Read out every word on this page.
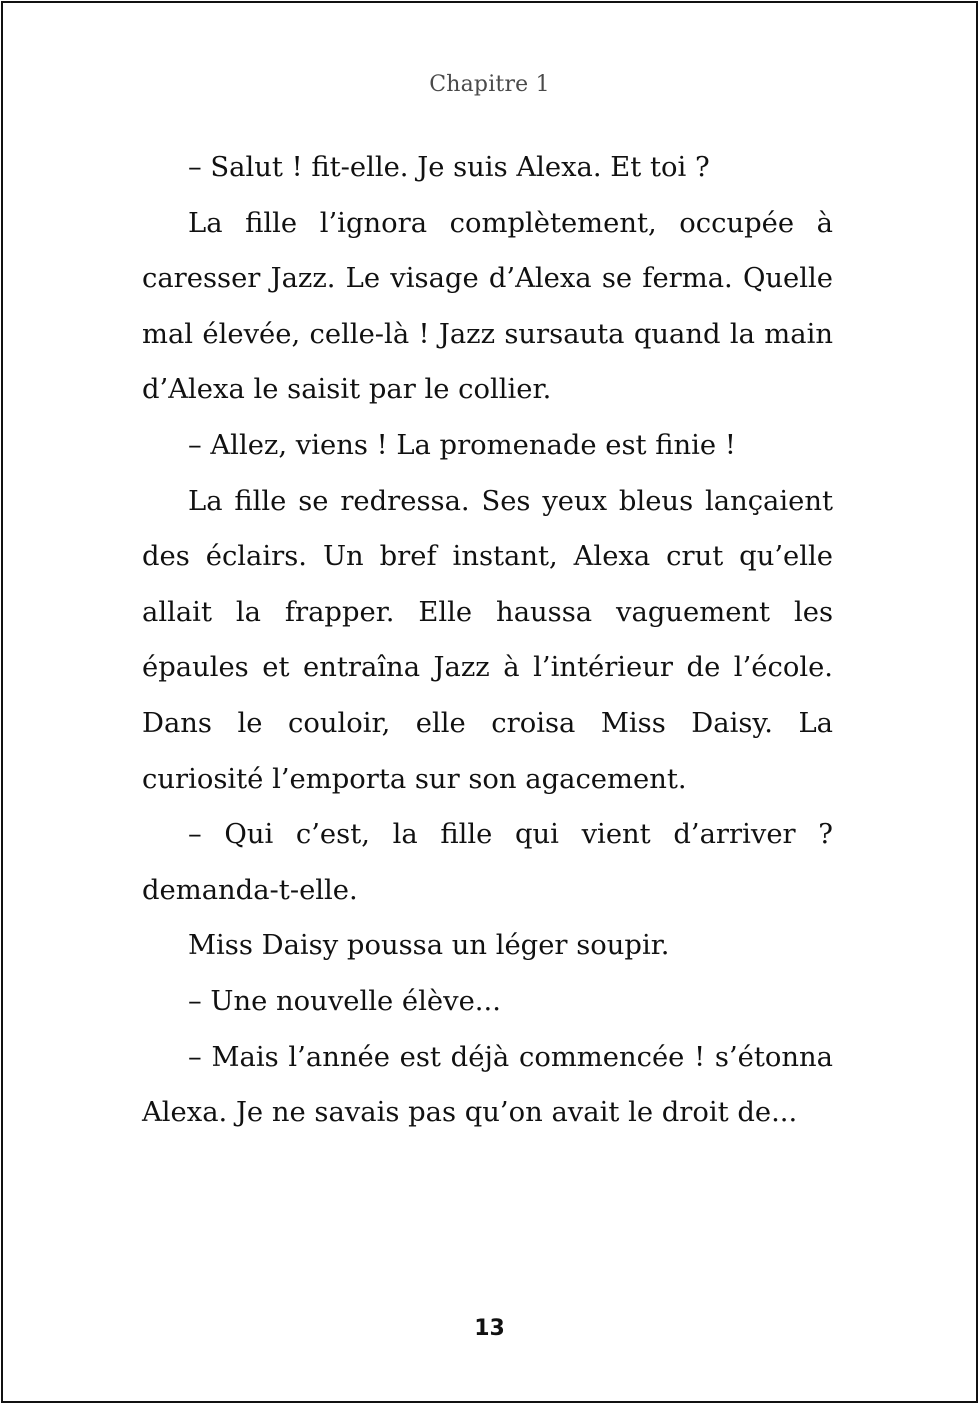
Chapitre 1

– Salut ! fit-elle. Je suis Alexa. Et toi ?

La fille l’ignora complètement, occupée à caresser Jazz. Le visage d’Alexa se ferma. Quelle mal élevée, celle-là ! Jazz sursauta quand la main d’Alexa le saisit par le collier.

– Allez, viens ! La promenade est finie !

La fille se redressa. Ses yeux bleus lançaient des éclairs. Un bref instant, Alexa crut qu’elle allait la frapper. Elle haussa vaguement les épaules et entraîna Jazz à l’intérieur de l’école. Dans le couloir, elle croisa Miss Daisy. La curiosité l’emporta sur son agacement.

– Qui c’est, la fille qui vient d’arriver ? demanda-t-elle.

Miss Daisy poussa un léger soupir.

– Une nouvelle élève...

– Mais l’année est déjà commencée ! s’étonna Alexa. Je ne savais pas qu’on avait le droit de...

13
